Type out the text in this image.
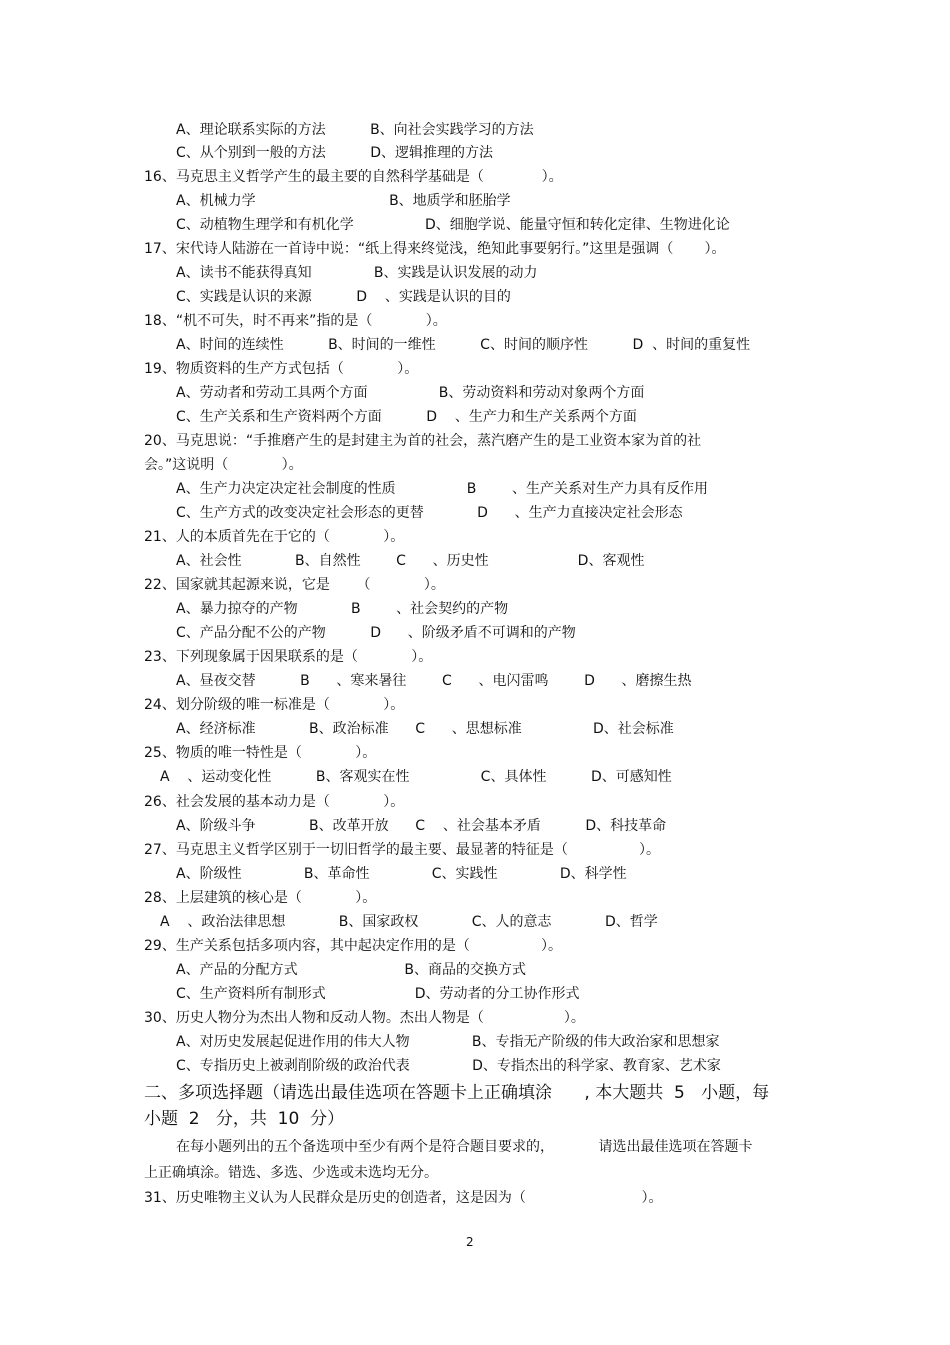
A、理论联系实际的方法          B、向社会实践学习的方法
C、从个别到一般的方法          D、逻辑推理的方法
16、马克思主义哲学产生的最主要的自然科学基础是（             ）。
A、机械力学                              B、地质学和胚胎学
C、动植物生理学和有机化学                D、细胞学说、能量守恒和转化定律、生物进化论
17、宋代诗人陆游在一首诗中说：“纸上得来终觉浅，绝知此事要躬行。”这里是强调（       ）。
A、读书不能获得真知              B、实践是认识发展的动力
C、实践是认识的来源          D    、实践是认识的目的
18、“机不可失，时不再来”指的是（            ）。
A、时间的连续性          B、时间的一维性          C、时间的顺序性          D  、时间的重复性
19、物质资料的生产方式包括（            ）。
A、劳动者和劳动工具两个方面                B、劳动资料和劳动对象两个方面
C、生产关系和生产资料两个方面          D    、生产力和生产关系两个方面
20、马克思说：“手推磨产生的是封建主为首的社会，蒸汽磨产生的是工业资本家为首的社
会。”这说明（            ）。
A、生产力决定决定社会制度的性质                B        、生产关系对生产力具有反作用
C、生产方式的改变决定社会形态的更替            D      、生产力直接决定社会形态
21、人的本质首先在于它的（            ）。
A、社会性            B、自然性        C      、历史性                    D、客观性
22、国家就其起源来说，它是      （            ）。
A、暴力掠夺的产物            B        、社会契约的产物
C、产品分配不公的产物          D      、阶级矛盾不可调和的产物
23、下列现象属于因果联系的是（            ）。
A、昼夜交替          B      、寒来暑往        C      、电闪雷鸣        D      、磨擦生热
24、划分阶级的唯一标准是（            ）。
A、经济标准            B、政治标准      C      、思想标准                D、社会标准
25、物质的唯一特性是（            ）。
A    、运动变化性          B、客观实在性                C、具体性          D、可感知性
26、社会发展的基本动力是（            ）。
A、阶级斗争            B、改革开放      C    、社会基本矛盾          D、科技革命
27、马克思主义哲学区别于一切旧哲学的最主要、最显著的特征是（                ）。
A、阶级性              B、革命性              C、实践性              D、科学性
28、上层建筑的核心是（            ）。
A    、政治法律思想            B、国家政权            C、人的意志            D、哲学
29、生产关系包括多项内容，其中起决定作用的是（                ）。
A、产品的分配方式                        B、商品的交换方式
C、生产资料所有制形式                    D、劳动者的分工协作形式
30、历史人物分为杰出人物和反动人物。杰出人物是（                  ）。
A、对历史发展起促进作用的伟大人物              B、专指无产阶级的伟大政治家和思想家
C、专指历史上被剥削阶级的政治代表              D、专指杰出的科学家、教育家、艺术家
二、多项选择题（请选出最佳选项在答题卡上正确填涂      , 本大题共  5   小题，每
小题  2   分，共  10  分）
在每小题列出的五个备选项中至少有两个是符合题目要求的，          请选出最佳选项在答题卡
上正确填涂。错选、多选、少选或未选均无分。
31、历史唯物主义认为人民群众是历史的创造者，这是因为（                          ）。
2
